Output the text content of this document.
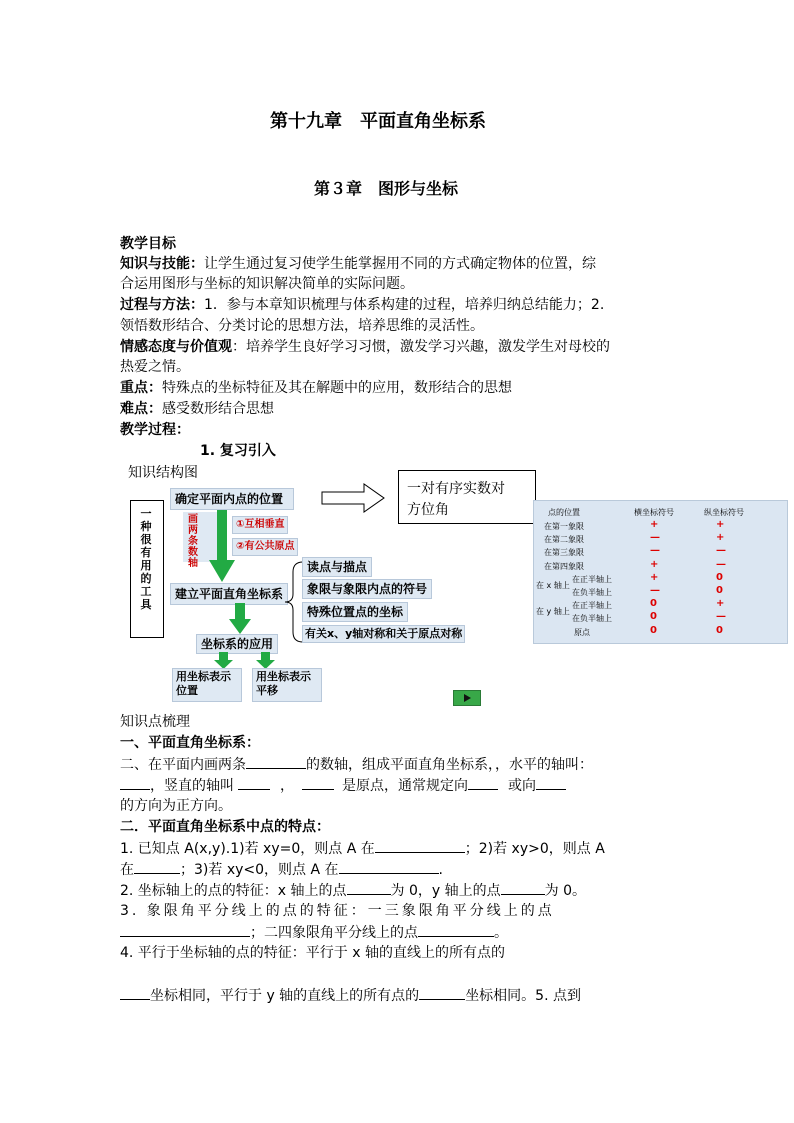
第十九章　平面直角坐标系
第３章　图形与坐标
教学目标
知识与技能：让学生通过复习使学生能掌握用不同的方式确定物体的位置，综
合运用图形与坐标的知识解决简单的实际问题。
过程与方法：1．参与本章知识梳理与体系构建的过程，培养归纳总结能力；2.
领悟数形结合、分类讨论的思想方法，培养思维的灵活性。
情感态度与价值观：培养学生良好学习习惯，激发学习兴趣，激发学生对母校的
热爱之情。
重点：特殊点的坐标特征及其在解题中的应用，数形结合的思想
难点：感受数形结合思想
教学过程：
1. 复习引入
知识结构图
一种很有用的工具
确定平面内点的位置
一对有序实数对
方位角
画两条数轴
①互相垂直
②有公共原点
建立平面直角坐标系
读点与描点
象限与象限内点的符号
特殊位置点的坐标
有关x、y轴对称和关于原点对称
坐标系的应用
用坐标表示位置
用坐标表示平移
点的位置	横坐标符号	纵坐标符号
在第一象限	+	+
在第二象限	—	+
在第三象限	—	—
在第四象限	+	—
在 x 轴上
在正半轴上	+	0
在负半轴上	—	0
在 y 轴上
在正半轴上	0	+
在负半轴上	0	—
原点	0	0
知识点梳理
一、平面直角坐标系：
二、在平面内画两条	的数轴，组成平面直角坐标系，，水平的轴叫：
，竖直的轴叫	，	是原点，通常规定向	或向
的方向为正方向。
二．平面直角坐标系中点的特点：
1. 已知点 A(x,y).1)若 xy=0，则点 A 在	；2)若 xy>0，则点 A
在	；3)若 xy<0，则点 A 在	.
2. 坐标轴上的点的特征：x 轴上的点	为 0，y 轴上的点	为 0。
3. 象限角平分线上的点的特征：一三象限角平分线上的点
；二四象限角平分线上的点	。
4. 平行于坐标轴的点的特征：平行于 x 轴的直线上的所有点的
坐标相同，平行于 y 轴的直线上的所有点的	坐标相同。5. 点到
